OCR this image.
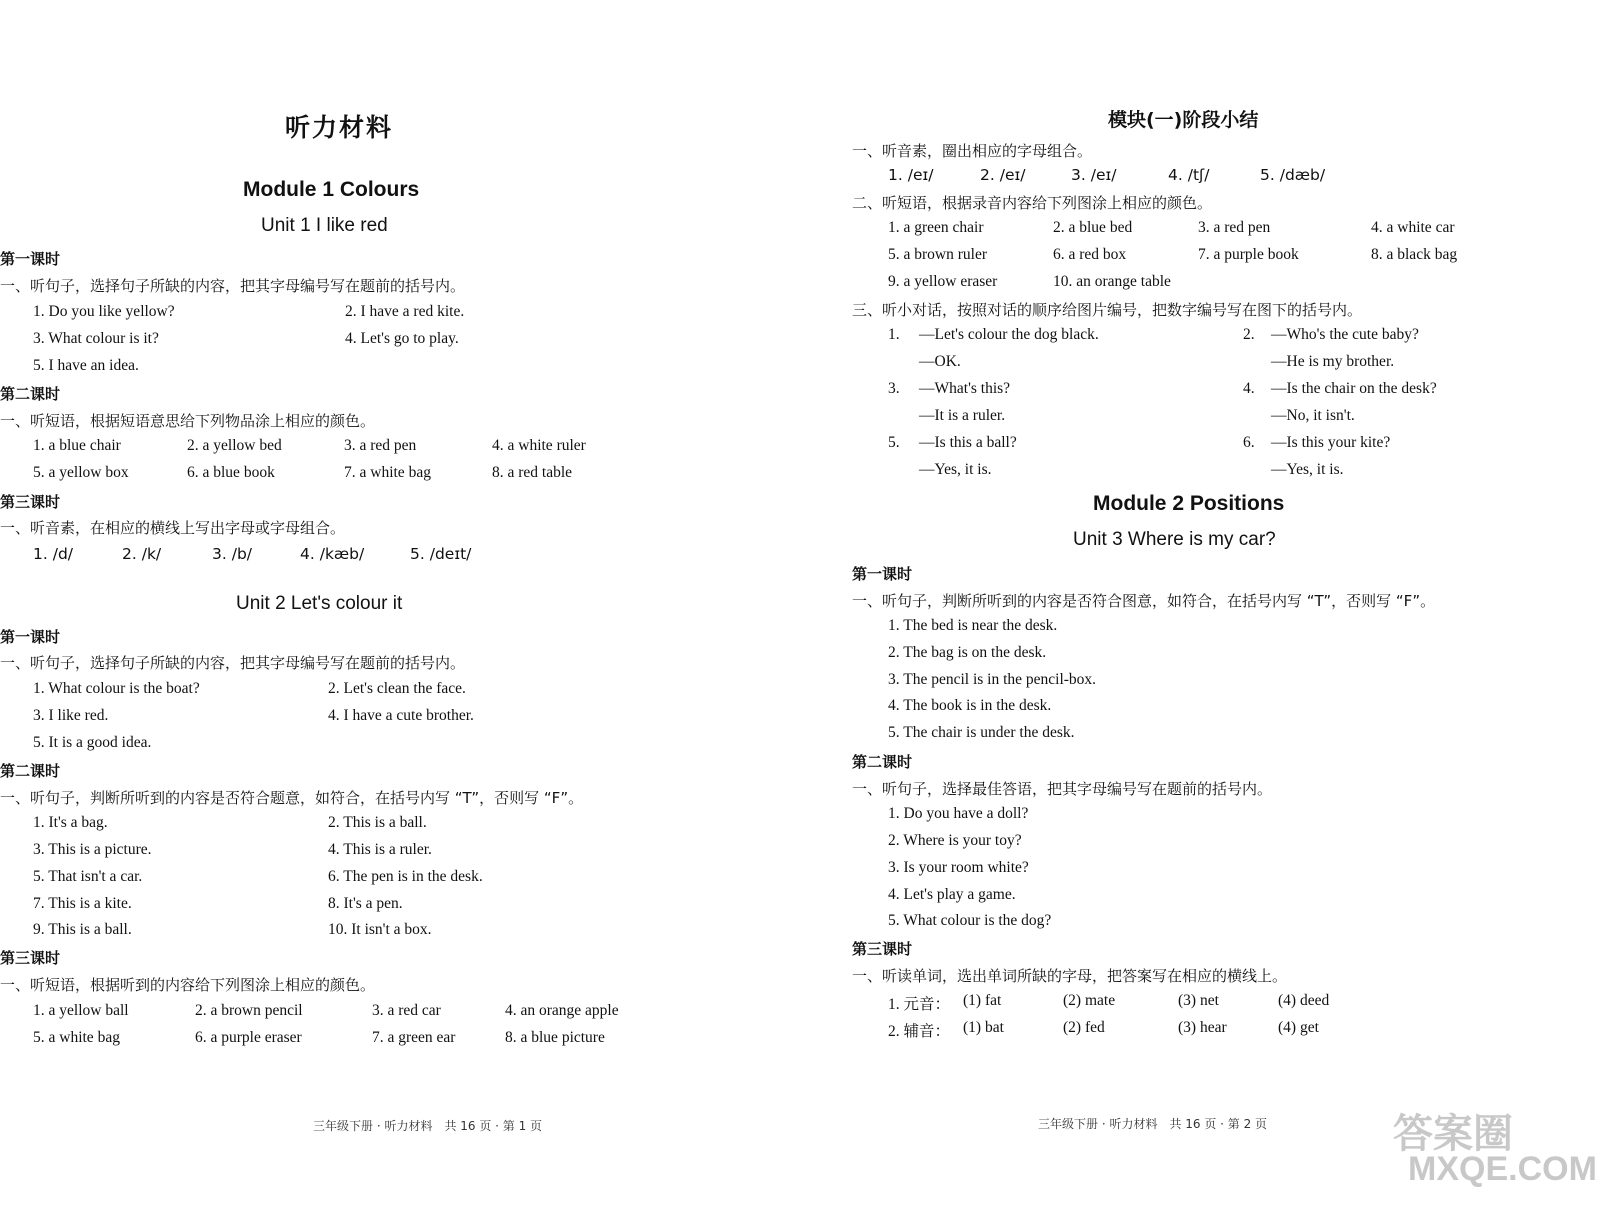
听力材料
Module 1 Colours
Unit 1 I like red
第一课时
一、听句子，选择句子所缺的内容，把其字母编号写在题前的括号内。
1. Do you like yellow?	2. I have a red kite.
3. What colour is it?	4. Let's go to play.
5. I have an idea.
第二课时
一、听短语，根据短语意思给下列物品涂上相应的颜色。
1. a blue chair	2. a yellow bed	3. a red pen	4. a white ruler
5. a yellow box	6. a blue book	7. a white bag	8. a red table
第三课时
一、听音素，在相应的横线上写出字母或字母组合。
1. /d/	2. /k/	3. /b/	4. /kæb/	5. /deɪt/
Unit 2 Let's colour it
第一课时
一、听句子，选择句子所缺的内容，把其字母编号写在题前的括号内。
1. What colour is the boat?	2. Let's clean the face.
3. I like red.	4. I have a cute brother.
5. It is a good idea.
第二课时
一、听句子，判断所听到的内容是否符合题意，如符合，在括号内写 “T”，否则写 “F”。
1. It's a bag.	2. This is a ball.
3. This is a picture.	4. This is a ruler.
5. That isn't a car.	6. The pen is in the desk.
7. This is a kite.	8. It's a pen.
9. This is a ball.	10. It isn't a box.
第三课时
一、听短语，根据听到的内容给下列图涂上相应的颜色。
1. a yellow ball	2. a brown pencil	3. a red car	4. an orange apple
5. a white bag	6. a purple eraser	7. a green ear	8. a blue picture
三年级下册 · 听力材料　共 16 页 · 第 1 页
模块(一)阶段小结
一、听音素，圈出相应的字母组合。
1. /eɪ/	2. /eɪ/	3. /eɪ/	4. /tʃ/	5. /dæb/
二、听短语，根据录音内容给下列图涂上相应的颜色。
1. a green chair	2. a blue bed	3. a red pen	4. a white car
5. a brown ruler	6. a red box	7. a purple book	8. a black bag
9. a yellow eraser	10. an orange table
三、听小对话，按照对话的顺序给图片编号，把数字编号写在图下的括号内。
1. —Let's colour the dog black.
—OK.
2. —Who's the cute baby?
—He is my brother.
3. —What's this?
—It is a ruler.
4. —Is the chair on the desk?
—No, it isn't.
5. —Is this a ball?
—Yes, it is.
6. —Is this your kite?
—Yes, it is.
Module 2 Positions
Unit 3 Where is my car?
第一课时
一、听句子，判断所听到的内容是否符合图意，如符合，在括号内写 “T”，否则写 “F”。
1. The bed is near the desk.
2. The bag is on the desk.
3. The pencil is in the pencil-box.
4. The book is in the desk.
5. The chair is under the desk.
第二课时
一、听句子，选择最佳答语，把其字母编号写在题前的括号内。
1. Do you have a doll?
2. Where is your toy?
3. Is your room white?
4. Let's play a game.
5. What colour is the dog?
第三课时
一、听读单词，选出单词所缺的字母，把答案写在相应的横线上。
1. 元音： (1) fat	(2) mate	(3) net	(4) deed
2. 辅音： (1) bat	(2) fed	(3) hear	(4) get
三年级下册 · 听力材料　共 16 页 · 第 2 页	答案圈
MXQE.COM
